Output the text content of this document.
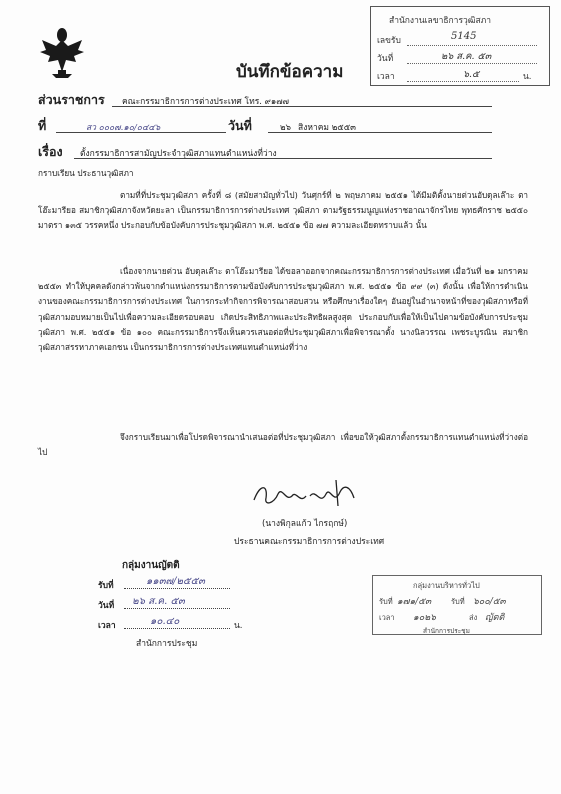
สำนักงานเลขาธิการวุฒิสภา
เลขรับ	5145
วันที่	๒๖ ส.ค. ๕๓
เวลา	๖.๕	น.
บันทึกข้อความ
ส่วนราชการ คณะกรรมาธิการการต่างประเทศ โทร. ๙๑๗๗
ที่	สว ๐๐๐๗.๑๐/๐๔๔๖	วันที่	๒๖ สิงหาคม ๒๕๕๓
เรื่อง ตั้งกรรมาธิการสามัญประจำวุฒิสภาแทนตำแหน่งที่ว่าง
กราบเรียน ประธานวุฒิสภา
ตามที่ที่ประชุมวุฒิสภา ครั้งที่ ๘ (สมัยสามัญทั่วไป) วันศุกร์ที่ ๒ พฤษภาคม ๒๕๕๑ ได้มีมติตั้งนายต่วนอับดุลเล๊าะ ตาโฮ๊ะมารียอ สมาชิกวุฒิสภาจังหวัดยะลา เป็นกรรมาธิการการต่างประเทศ วุฒิสภา ตามรัฐธรรมนูญแห่งราชอาณาจักรไทย พุทธศักราช ๒๕๕๐ มาตรา ๑๓๕ วรรคหนึ่ง ประกอบกับข้อบังคับการประชุมวุฒิสภา พ.ศ. ๒๕๕๑ ข้อ ๗๗ ความละเอียดทราบแล้ว นั้น
เนื่องจากนายต่วน อับดุลเล๊าะ ตาโฮ๊ะมารียอ ได้ขอลาออกจากคณะกรรมาธิการการต่างประเทศ เมื่อวันที่ ๒๑ มกราคม ๒๕๕๓ ทำให้บุคคลดังกล่าวพ้นจากตำแหน่งกรรมาธิการตามข้อบังคับการประชุมวุฒิสภา พ.ศ. ๒๕๕๑ ข้อ ๙๙ (๓) ดังนั้น เพื่อให้การดำเนินงานของคณะกรรมาธิการการต่างประเทศ ในการกระทำกิจการพิจารณาสอบสวน หรือศึกษาเรื่องใดๆ อันอยู่ในอำนาจหน้าที่ของวุฒิสภาหรือที่วุฒิสภามอบหมายเป็นไปเพื่อความละเอียดรอบคอบ เกิดประสิทธิภาพและประสิทธิผลสูงสุด ประกอบกับเพื่อให้เป็นไปตามข้อบังคับการประชุมวุฒิสภา พ.ศ. ๒๕๕๑ ข้อ ๑๐๐ คณะกรรมาธิการจึงเห็นควรเสนอต่อที่ประชุมวุฒิสภาเพื่อพิจารณาตั้ง นางนิลวรรณ เพชระบูรณิน สมาชิกวุฒิสภาสรรหาภาคเอกชน เป็นกรรมาธิการการต่างประเทศแทนตำแหน่งที่ว่าง
จึงกราบเรียนมาเพื่อโปรดพิจารณานำเสนอต่อที่ประชุมวุฒิสภา เพื่อขอให้วุฒิสภาตั้งกรรมาธิการแทนตำแหน่งที่ว่างต่อไป
(นางพิกุลแก้ว ไกรฤกษ์)
ประธานคณะกรรมาธิการการต่างประเทศ
กลุ่มงานญัตติ
รับที่	๑๑๓๗/๒๕๕๓
วันที่ ๒๖ ส.ค. ๕๓
เวลา	๑๐.๔๐	น.
สำนักการประชุม
กลุ่มงานบริหารทั่วไป
รับที่ ๑๗๑/๕๓	รับที่ ๖๐๐/๕๓
เวลา ๑๐๒๖	ส่ง ญัตติ
สำนักการประชุม
